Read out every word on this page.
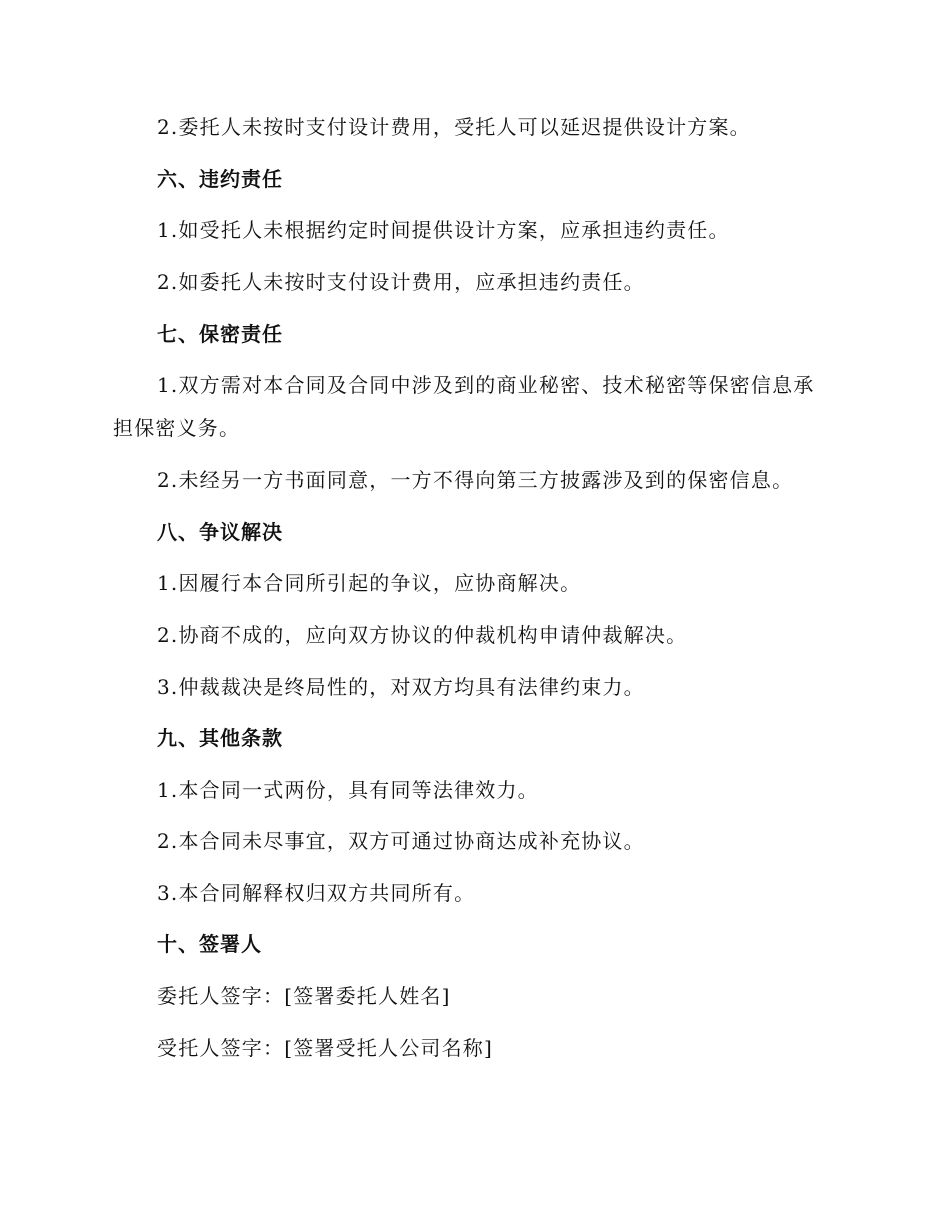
2.委托人未按时支付设计费用，受托人可以延迟提供设计方案。
六、违约责任
1.如受托人未根据约定时间提供设计方案，应承担违约责任。
2.如委托人未按时支付设计费用，应承担违约责任。
七、保密责任
1.双方需对本合同及合同中涉及到的商业秘密、技术秘密等保密信息承
担保密义务。
2.未经另一方书面同意，一方不得向第三方披露涉及到的保密信息。
八、争议解决
1.因履行本合同所引起的争议，应协商解决。
2.协商不成的，应向双方协议的仲裁机构申请仲裁解决。
3.仲裁裁决是终局性的，对双方均具有法律约束力。
九、其他条款
1.本合同一式两份，具有同等法律效力。
2.本合同未尽事宜，双方可通过协商达成补充协议。
3.本合同解释权归双方共同所有。
十、签署人
委托人签字：[签署委托人姓名]
受托人签字：[签署受托人公司名称]
